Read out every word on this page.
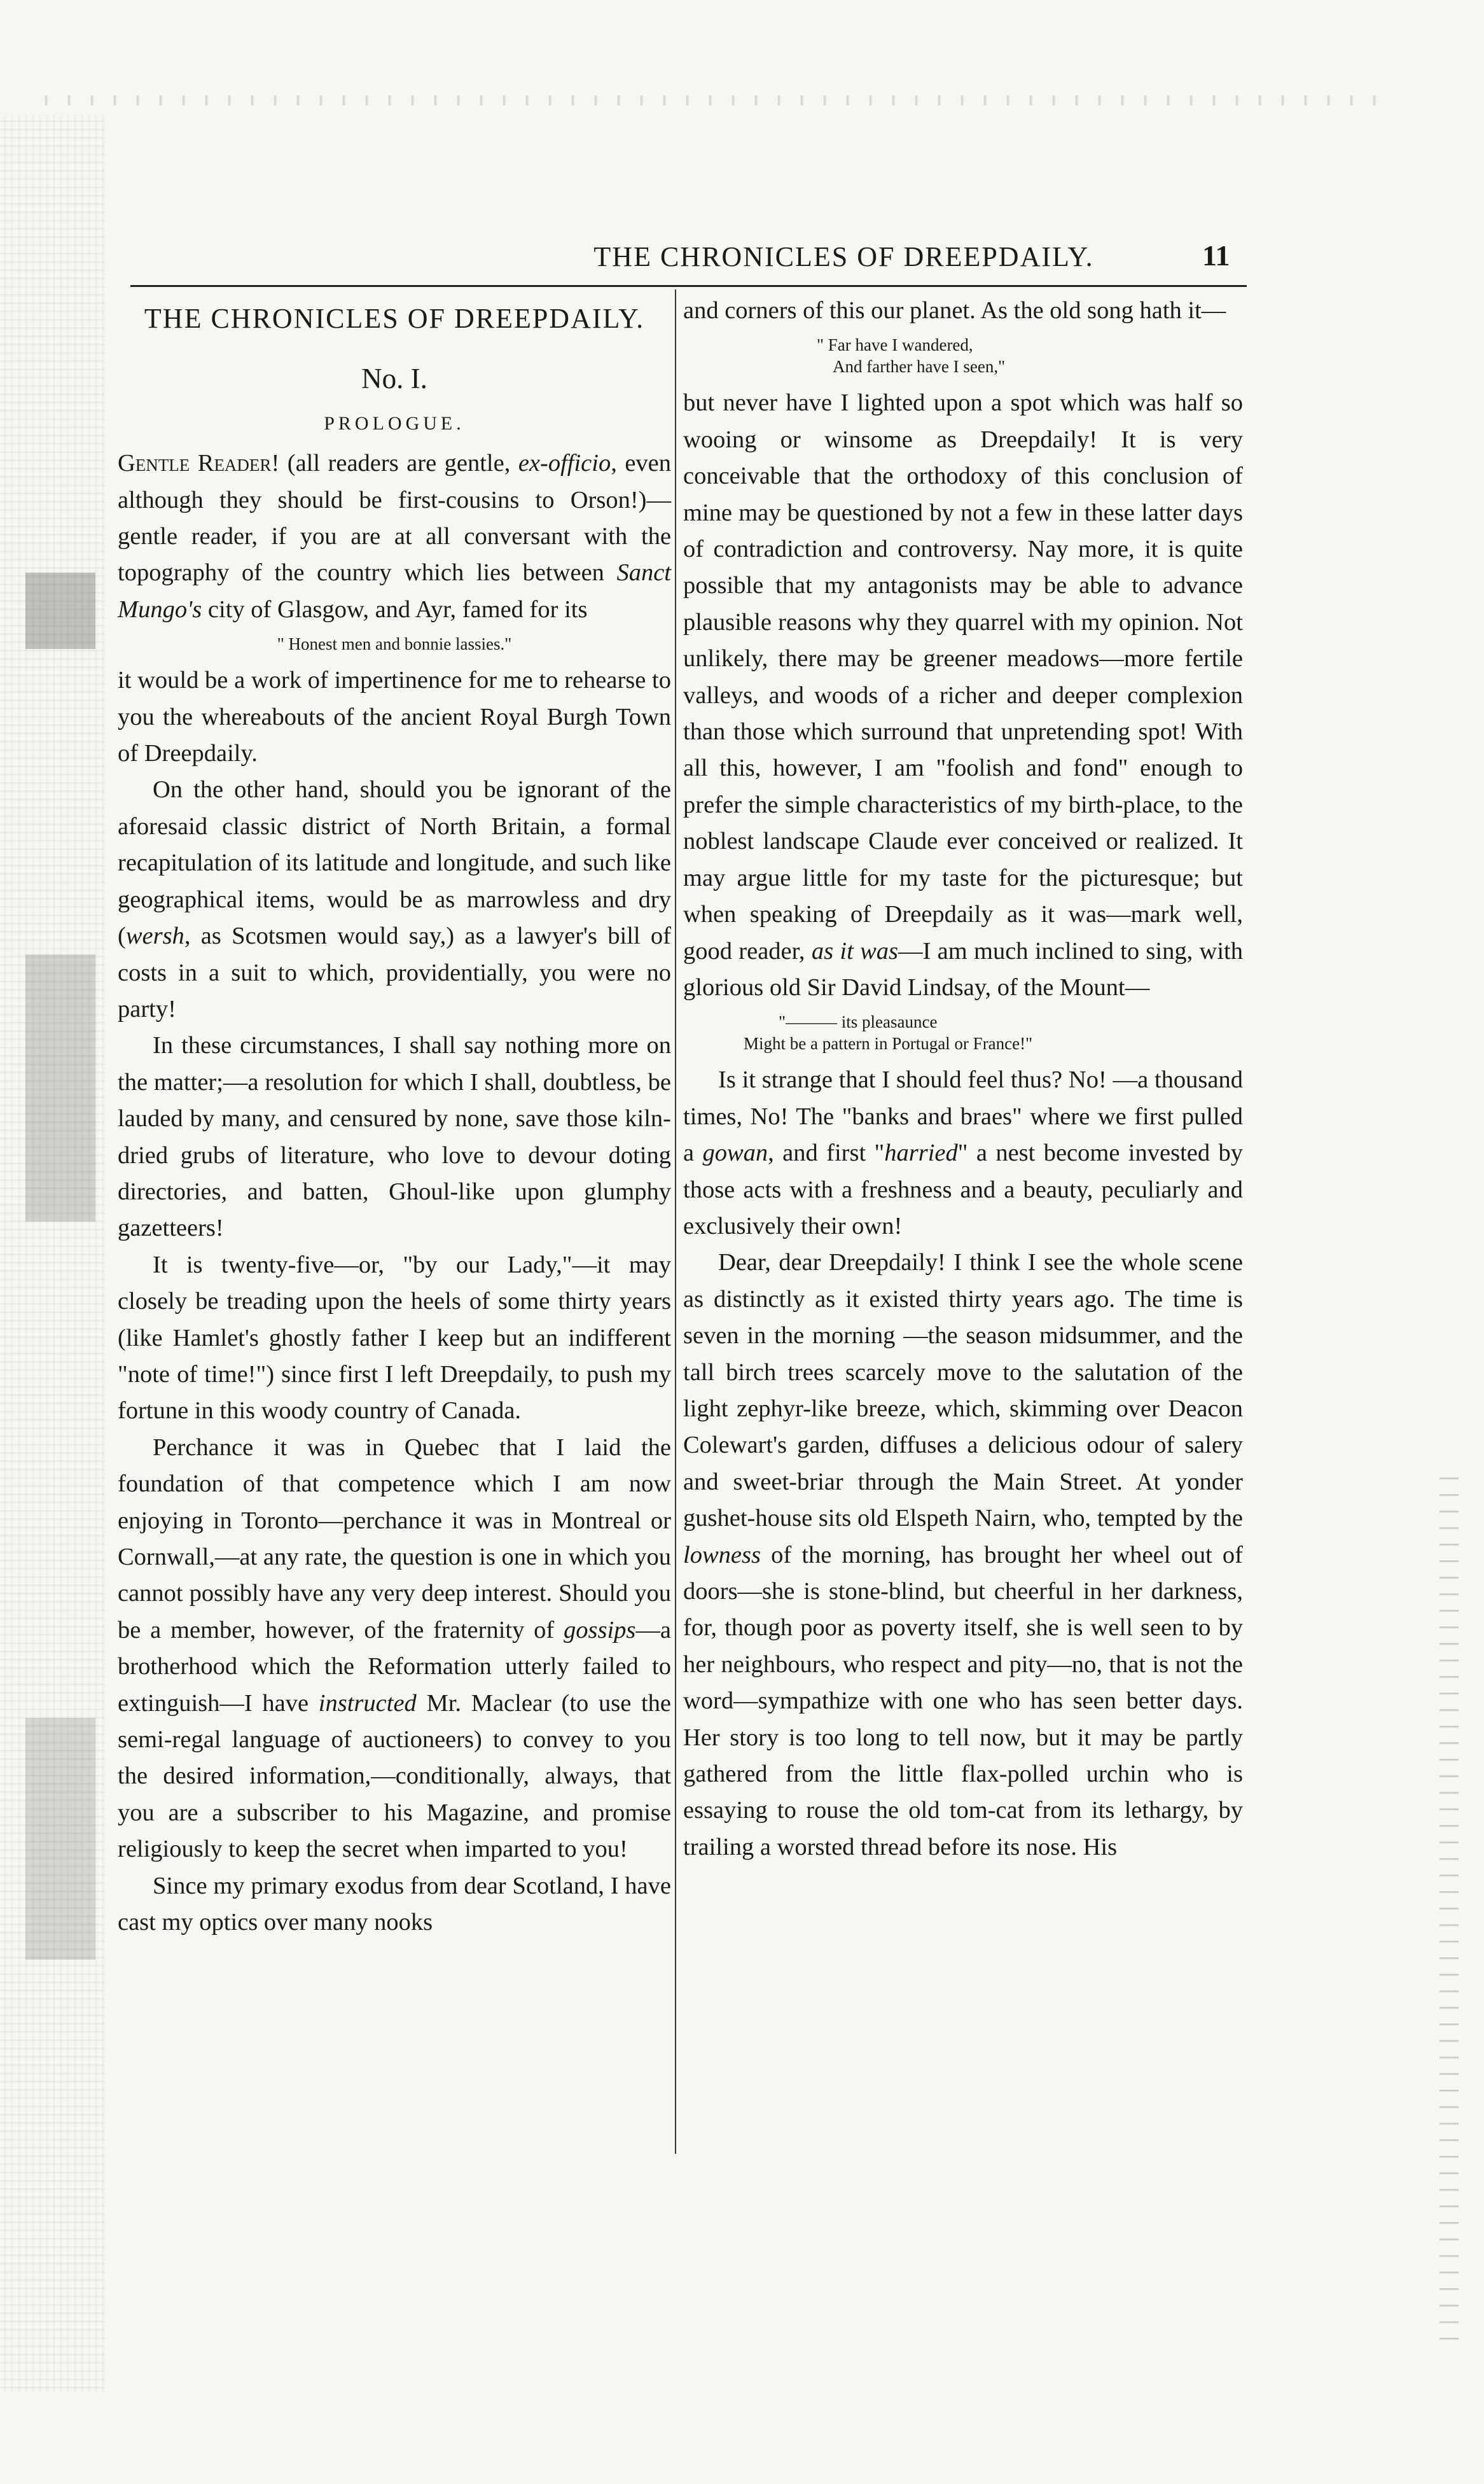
THE CHRONICLES OF DREEPDAILY.	11
THE CHRONICLES OF DREEPDAILY.
No. I.
PROLOGUE.

Gentle Reader! (all readers are gentle, ex-officio, even although they should be first-cousins to Orson!)—gentle reader, if you are at all conversant with the topography of the country which lies between Sanct Mungo's city of Glasgow, and Ayr, famed for its

" Honest men and bonnie lassies."

it would be a work of impertinence for me to rehearse to you the whereabouts of the ancient Royal Burgh Town of Dreepdaily.

On the other hand, should you be ignorant of the aforesaid classic district of North Britain, a formal recapitulation of its latitude and longitude, and such like geographical items, would be as marrowless and dry (wersh, as Scotsmen would say,) as a lawyer's bill of costs in a suit to which, providentially, you were no party!

In these circumstances, I shall say nothing more on the matter;—a resolution for which I shall, doubtless, be lauded by many, and censured by none, save those kiln-dried grubs of literature, who love to devour doting directories, and batten, Ghoul-like upon glumphy gazetteers!

It is twenty-five—or, "by our Lady,"—it may closely be treading upon the heels of some thirty years (like Hamlet's ghostly father I keep but an indifferent "note of time!") since first I left Dreepdaily, to push my fortune in this woody country of Canada.

Perchance it was in Quebec that I laid the foundation of that competence which I am now enjoying in Toronto—perchance it was in Montreal or Cornwall,—at any rate, the question is one in which you cannot possibly have any very deep interest. Should you be a member, however, of the fraternity of gossips—a brotherhood which the Reformation utterly failed to extinguish—I have instructed Mr. Maclear (to use the semi-regal language of auctioneers) to convey to you the desired information,—conditionally, always, that you are a subscriber to his Magazine, and promise religiously to keep the secret when imparted to you!

Since my primary exodus from dear Scotland, I have cast my optics over many nooks

and corners of this our planet. As the old song hath it—

" Far have I wandered,
And farther have I seen,"

but never have I lighted upon a spot which was half so wooing or winsome as Dreepdaily! It is very conceivable that the orthodoxy of this conclusion of mine may be questioned by not a few in these latter days of contradiction and controversy. Nay more, it is quite possible that my antagonists may be able to advance plausible reasons why they quarrel with my opinion. Not unlikely, there may be greener meadows—more fertile valleys, and woods of a richer and deeper complexion than those which surround that unpretending spot! With all this, however, I am "foolish and fond" enough to prefer the simple characteristics of my birth-place, to the noblest landscape Claude ever conceived or realized. It may argue little for my taste for the picturesque; but when speaking of Dreepdaily as it was—mark well, good reader, as it was—I am much inclined to sing, with glorious old Sir David Lindsay, of the Mount—

"——— its pleasaunce
Might be a pattern in Portugal or France!"

Is it strange that I should feel thus? No! —a thousand times, No! The "banks and braes" where we first pulled a gowan, and first "harried" a nest become invested by those acts with a freshness and a beauty, peculiarly and exclusively their own!

Dear, dear Dreepdaily! I think I see the whole scene as distinctly as it existed thirty years ago. The time is seven in the morning —the season midsummer, and the tall birch trees scarcely move to the salutation of the light zephyr-like breeze, which, skimming over Deacon Colewart's garden, diffuses a delicious odour of salery and sweet-briar through the Main Street. At yonder gushet-house sits old Elspeth Nairn, who, tempted by the lowness of the morning, has brought her wheel out of doors—she is stone-blind, but cheerful in her darkness, for, though poor as poverty itself, she is well seen to by her neighbours, who respect and pity—no, that is not the word—sympathize with one who has seen better days. Her story is too long to tell now, but it may be partly gathered from the little flax-polled urchin who is essaying to rouse the old tom-cat from its lethargy, by trailing a worsted thread before its nose. His
